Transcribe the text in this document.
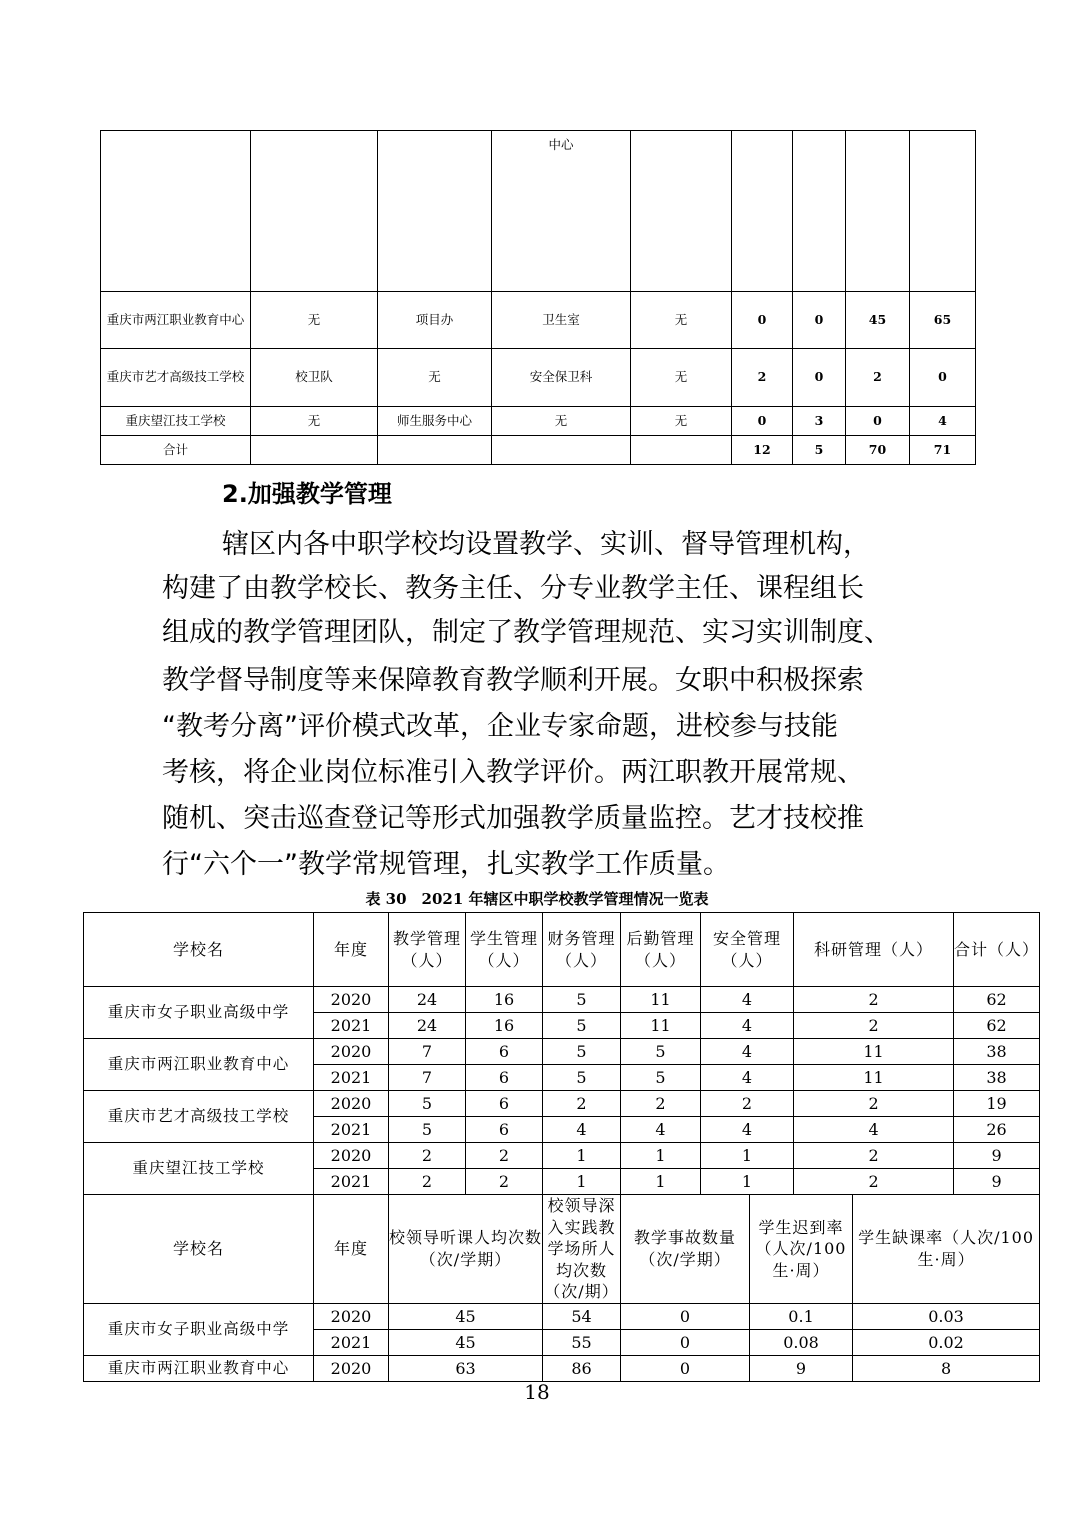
			中心					
重庆市两江职业教育中心	无	项目办	卫生室	无	0	0	45	65
重庆市艺才高级技工学校	校卫队	无	安全保卫科	无	2	0	2	0
重庆望江技工学校	无	师生服务中心	无	无	0	3	0	4
合计					12	5	70	71
2.加强教学管理

辖区内各中职学校均设置教学、实训、督导管理机构，

构建了由教学校长、教务主任、分专业教学主任、课程组长

组成的教学管理团队，制定了教学管理规范、实习实训制度、

教学督导制度等来保障教育教学顺利开展。女职中积极探索

“教考分离”评价模式改革，企业专家命题，进校参与技能

考核，将企业岗位标准引入教学评价。两江职教开展常规、

随机、突击巡查登记等形式加强教学质量监控。艺才技校推

行“六个一”教学常规管理，扎实教学工作质量。

表 30　2021 年辖区中职学校教学管理情况一览表

学校名	年度	教学管理（人）	学生管理（人）	财务管理（人）	后勤管理（人）	安全管理（人）		科研管理（人）		合计（人）
重庆市女子职业高级中学	2020	24	16	5	11	4		2		62
	2021	24	16	5	11	4		2		62
重庆市两江职业教育中心	2020	7	6	5	5	4		11		38
	2021	7	6	5	5	4		11		38
重庆市艺才高级技工学校	2020	5	6	2	2	2		2		19
	2021	5	6	4	4	4		4		26
重庆望江技工学校	2020	2	2	1	1	1		2		9
	2021	2	2	1	1	1		2		9
学校名	年度	校领导听课人均次数（次/学期）		校领导深入实践教学场所人均次数（次/期）	教学事故数量（次/学期）		学生迟到率（人次/100生·周）		学生缺课率（人次/100生·周）	
重庆市女子职业高级中学	2020	45		54	0		0.1		0.03	
	2021	45		55	0		0.08		0.02	
重庆市两江职业教育中心	2020	63		86	0		9		8	

18
